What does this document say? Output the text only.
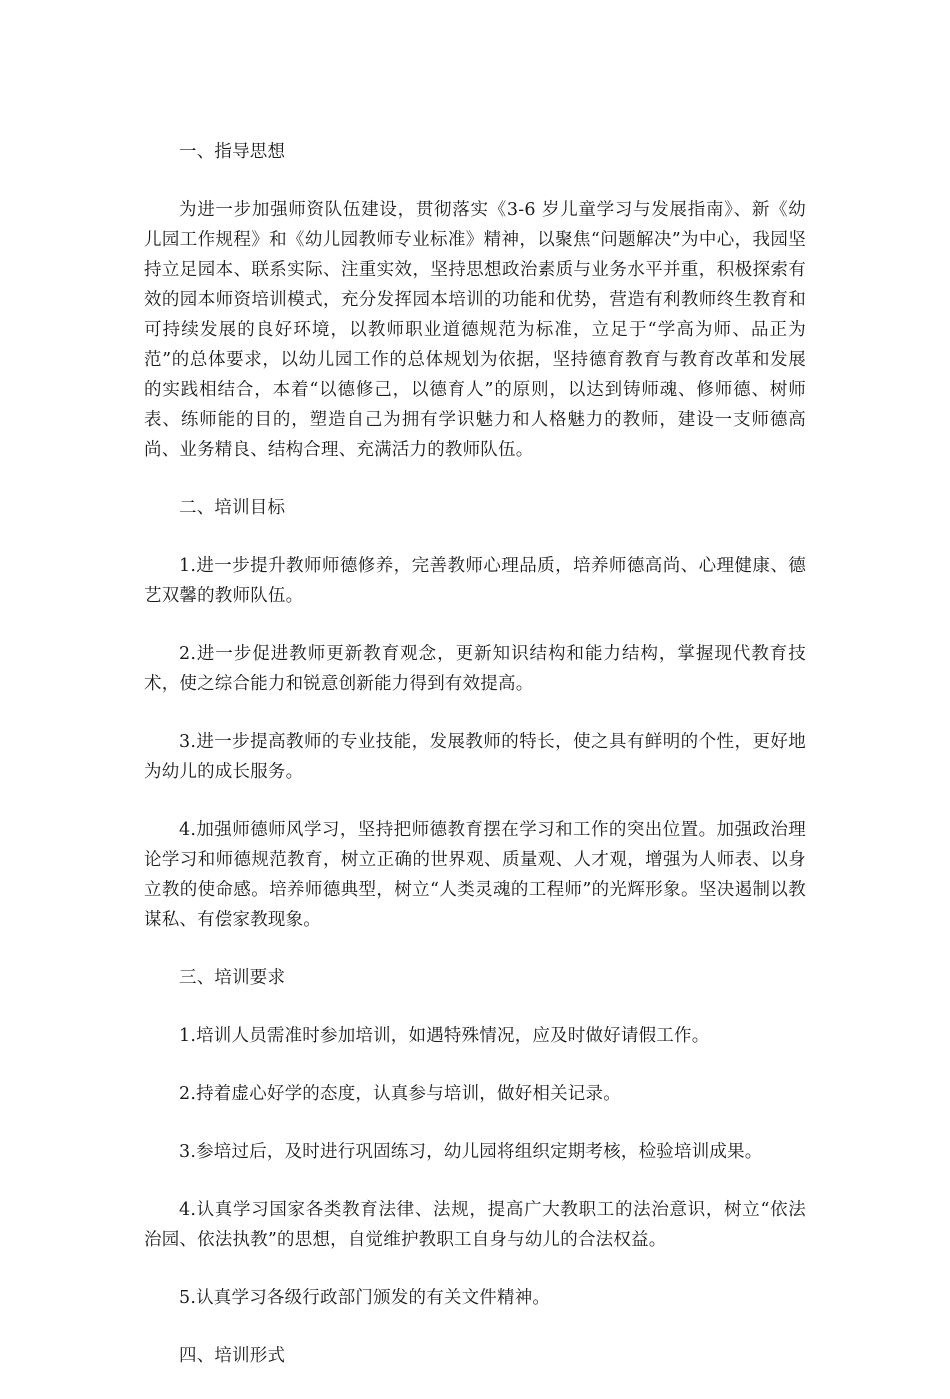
一、指导思想

为进一步加强师资队伍建设，贯彻落实《3-6 岁儿童学习与发展指南》、新《幼儿园工作规程》和《幼儿园教师专业标准》精神，以聚焦“问题解决”为中心，我园坚持立足园本、联系实际、注重实效，坚持思想政治素质与业务水平并重，积极探索有效的园本师资培训模式，充分发挥园本培训的功能和优势，营造有利教师终生教育和可持续发展的良好环境，以教师职业道德规范为标准，立足于“学高为师、品正为范”的总体要求，以幼儿园工作的总体规划为依据，坚持德育教育与教育改革和发展的实践相结合，本着“以德修己，以德育人”的原则，以达到铸师魂、修师德、树师表、练师能的目的，塑造自己为拥有学识魅力和人格魅力的教师，建设一支师德高尚、业务精良、结构合理、充满活力的教师队伍。

二、培训目标

1.进一步提升教师师德修养，完善教师心理品质，培养师德高尚、心理健康、德艺双馨的教师队伍。

2.进一步促进教师更新教育观念，更新知识结构和能力结构，掌握现代教育技术，使之综合能力和锐意创新能力得到有效提高。

3.进一步提高教师的专业技能，发展教师的特长，使之具有鲜明的个性，更好地为幼儿的成长服务。

4.加强师德师风学习，坚持把师德教育摆在学习和工作的突出位置。加强政治理论学习和师德规范教育，树立正确的世界观、质量观、人才观，增强为人师表、以身立教的使命感。培养师德典型，树立“人类灵魂的工程师”的光辉形象。坚决遏制以教谋私、有偿家教现象。

三、培训要求

1.培训人员需准时参加培训，如遇特殊情况，应及时做好请假工作。

2.持着虚心好学的态度，认真参与培训，做好相关记录。

3.参培过后，及时进行巩固练习，幼儿园将组织定期考核，检验培训成果。

4.认真学习国家各类教育法律、法规，提高广大教职工的法治意识，树立“依法治园、依法执教”的思想，自觉维护教职工自身与幼儿的合法权益。

5.认真学习各级行政部门颁发的有关文件精神。

四、培训形式
